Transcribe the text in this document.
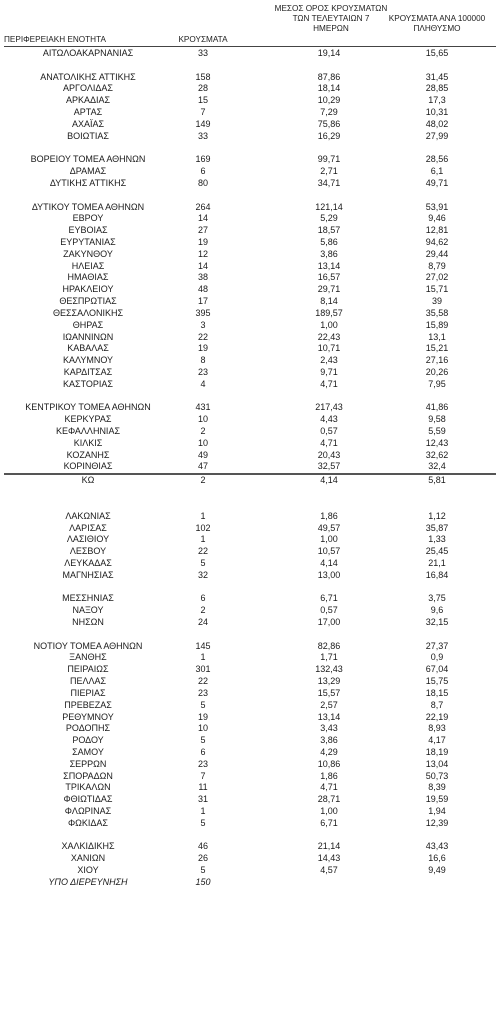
ΠΕΡΙΦΕΡΕΙΑΚΗ ΕΝΟΤΗΤΑ	ΚΡΟΥΣΜΑΤΑ
ΜΕΣΟΣ ΟΡΟΣ ΚΡΟΥΣΜΑΤΩΝ
ΤΩΝ ΤΕΛΕΥΤΑΙΩΝ 7
ΗΜΕΡΩΝ
ΚΡΟΥΣΜΑΤΑ ΑΝΑ 100000
ΠΛΗΘΥΣΜΟ
ΑΙΤΩΛΟΑΚΑΡΝΑΝΙΑΣ	33	19,14	15,65
ΑΝΑΤΟΛΙΚΗΣ ΑΤΤΙΚΗΣ	158	87,86	31,45
ΑΡΓΟΛΙΔΑΣ	28	18,14	28,85
ΑΡΚΑΔΙΑΣ	15	10,29	17,3
ΑΡΤΑΣ	7	7,29	10,31
ΑΧΑΪΑΣ	149	75,86	48,02
ΒΟΙΩΤΙΑΣ	33	16,29	27,99
ΒΟΡΕΙΟΥ ΤΟΜΕΑ ΑΘΗΝΩΝ	169	99,71	28,56
ΔΡΑΜΑΣ	6	2,71	6,1
ΔΥΤΙΚΗΣ ΑΤΤΙΚΗΣ	80	34,71	49,71
ΔΥΤΙΚΟΥ ΤΟΜΕΑ ΑΘΗΝΩΝ	264	121,14	53,91
ΕΒΡΟΥ	14	5,29	9,46
ΕΥΒΟΙΑΣ	27	18,57	12,81
ΕΥΡΥΤΑΝΙΑΣ	19	5,86	94,62
ΖΑΚΥΝΘΟΥ	12	3,86	29,44
ΗΛΕΙΑΣ	14	13,14	8,79
ΗΜΑΘΙΑΣ	38	16,57	27,02
ΗΡΑΚΛΕΙΟΥ	48	29,71	15,71
ΘΕΣΠΡΩΤΙΑΣ	17	8,14	39
ΘΕΣΣΑΛΟΝΙΚΗΣ	395	189,57	35,58
ΘΗΡΑΣ	3	1,00	15,89
ΙΩΑΝΝΙΝΩΝ	22	22,43	13,1
ΚΑΒΑΛΑΣ	19	10,71	15,21
ΚΑΛΥΜΝΟΥ	8	2,43	27,16
ΚΑΡΔΙΤΣΑΣ	23	9,71	20,26
ΚΑΣΤΟΡΙΑΣ	4	4,71	7,95
ΚΕΝΤΡΙΚΟΥ ΤΟΜΕΑ ΑΘΗΝΩΝ	431	217,43	41,86
ΚΕΡΚΥΡΑΣ	10	4,43	9,58
ΚΕΦΑΛΛΗΝΙΑΣ	2	0,57	5,59
ΚΙΛΚΙΣ	10	4,71	12,43
ΚΟΖΑΝΗΣ	49	20,43	32,62
ΚΟΡΙΝΘΙΑΣ	47	32,57	32,4
ΚΩ	2	4,14	5,81
ΛΑΚΩΝΙΑΣ	1	1,86	1,12
ΛΑΡΙΣΑΣ	102	49,57	35,87
ΛΑΣΙΘΙΟΥ	1	1,00	1,33
ΛΕΣΒΟΥ	22	10,57	25,45
ΛΕΥΚΑΔΑΣ	5	4,14	21,1
ΜΑΓΝΗΣΙΑΣ	32	13,00	16,84
ΜΕΣΣΗΝΙΑΣ	6	6,71	3,75
ΝΑΞΟΥ	2	0,57	9,6
ΝΗΣΩΝ	24	17,00	32,15
ΝΟΤΙΟΥ ΤΟΜΕΑ ΑΘΗΝΩΝ	145	82,86	27,37
ΞΑΝΘΗΣ	1	1,71	0,9
ΠΕΙΡΑΙΩΣ	301	132,43	67,04
ΠΕΛΛΑΣ	22	13,29	15,75
ΠΙΕΡΙΑΣ	23	15,57	18,15
ΠΡΕΒΕΖΑΣ	5	2,57	8,7
ΡΕΘΥΜΝΟΥ	19	13,14	22,19
ΡΟΔΟΠΗΣ	10	3,43	8,93
ΡΟΔΟΥ	5	3,86	4,17
ΣΑΜΟΥ	6	4,29	18,19
ΣΕΡΡΩΝ	23	10,86	13,04
ΣΠΟΡΑΔΩΝ	7	1,86	50,73
ΤΡΙΚΑΛΩΝ	11	4,71	8,39
ΦΘΙΩΤΙΔΑΣ	31	28,71	19,59
ΦΛΩΡΙΝΑΣ	1	1,00	1,94
ΦΩΚΙΔΑΣ	5	6,71	12,39
ΧΑΛΚΙΔΙΚΗΣ	46	21,14	43,43
ΧΑΝΙΩΝ	26	14,43	16,6
ΧΙΟΥ	5	4,57	9,49
ΥΠΟ ΔΙΕΡΕΥΝΗΣΗ	150
